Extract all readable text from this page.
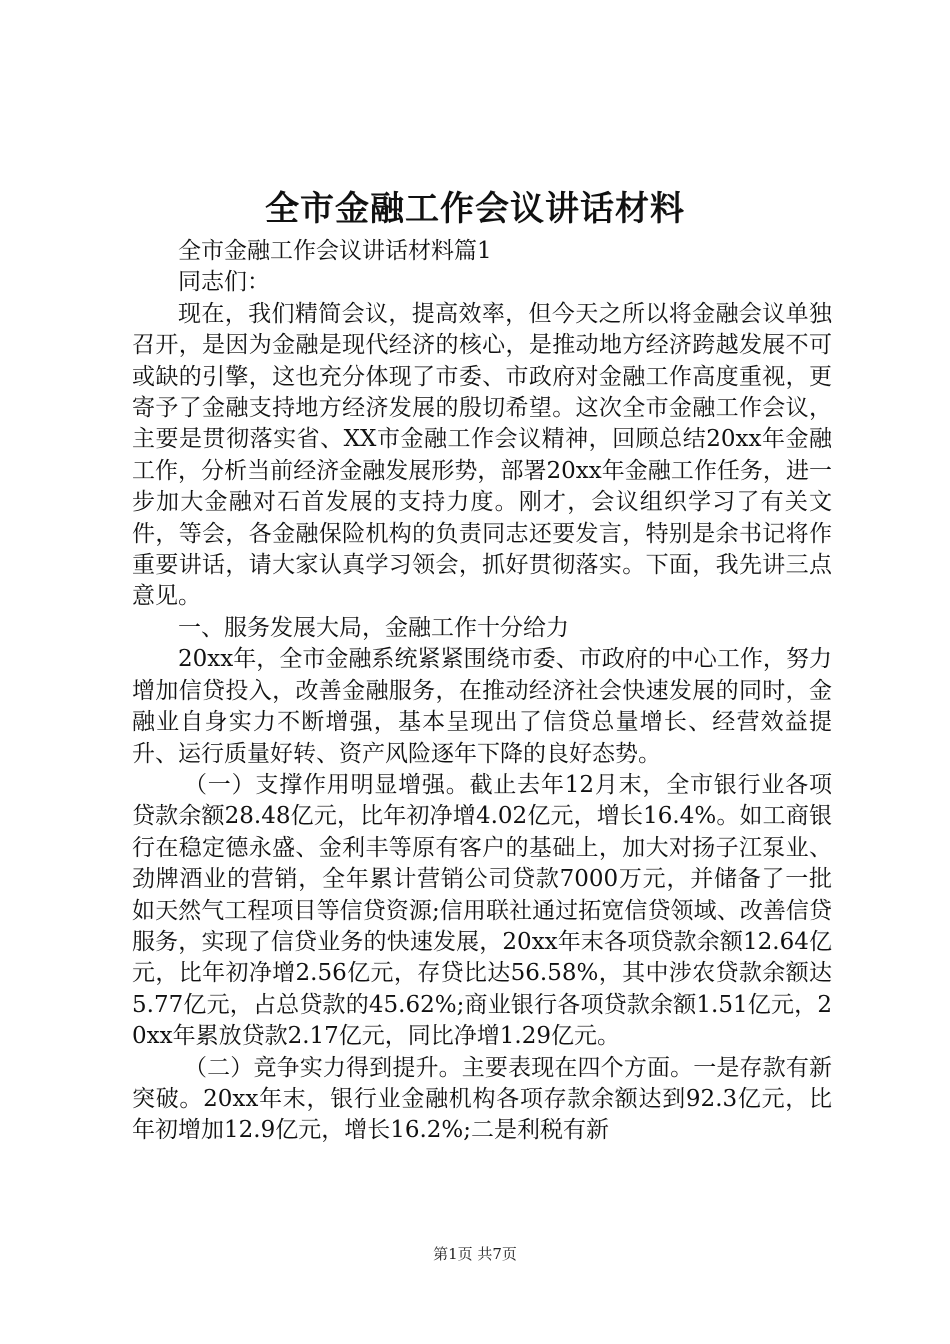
全市金融工作会议讲话材料

全市金融工作会议讲话材料篇1

同志们：

现在，我们精简会议，提高效率，但今天之所以将金融会议单独召开，是因为金融是现代经济的核心，是推动地方经济跨越发展不可或缺的引擎，这也充分体现了市委、市政府对金融工作高度重视，更寄予了金融支持地方经济发展的殷切希望。这次全市金融工作会议，主要是贯彻落实省、XX市金融工作会议精神，回顾总结20xx年金融工作，分析当前经济金融发展形势，部署20xx年金融工作任务，进一步加大金融对石首发展的支持力度。刚才，会议组织学习了有关文件，等会，各金融保险机构的负责同志还要发言，特别是余书记将作重要讲话，请大家认真学习领会，抓好贯彻落实。下面，我先讲三点意见。

一、服务发展大局，金融工作十分给力

20xx年，全市金融系统紧紧围绕市委、市政府的中心工作，努力增加信贷投入，改善金融服务，在推动经济社会快速发展的同时，金融业自身实力不断增强，基本呈现出了信贷总量增长、经营效益提升、运行质量好转、资产风险逐年下降的良好态势。

（一）支撑作用明显增强。截止去年12月末，全市银行业各项贷款余额28.48亿元，比年初净增4.02亿元，增长16.4%。如工商银行在稳定德永盛、金利丰等原有客户的基础上，加大对扬子江泵业、劲牌酒业的营销，全年累计营销公司贷款7000万元，并储备了一批如天然气工程项目等信贷资源;信用联社通过拓宽信贷领域、改善信贷服务，实现了信贷业务的快速发展，20xx年末各项贷款余额12.64亿元，比年初净增2.56亿元，存贷比达56.58%，其中涉农贷款余额达5.77亿元，占总贷款的45.62%;商业银行各项贷款余额1.51亿元，20xx年累放贷款2.17亿元，同比净增1.29亿元。

（二）竞争实力得到提升。主要表现在四个方面。一是存款有新突破。20xx年末，银行业金融机构各项存款余额达到92.3亿元，比年初增加12.9亿元，增长16.2%;二是利税有新

第1页 共7页
